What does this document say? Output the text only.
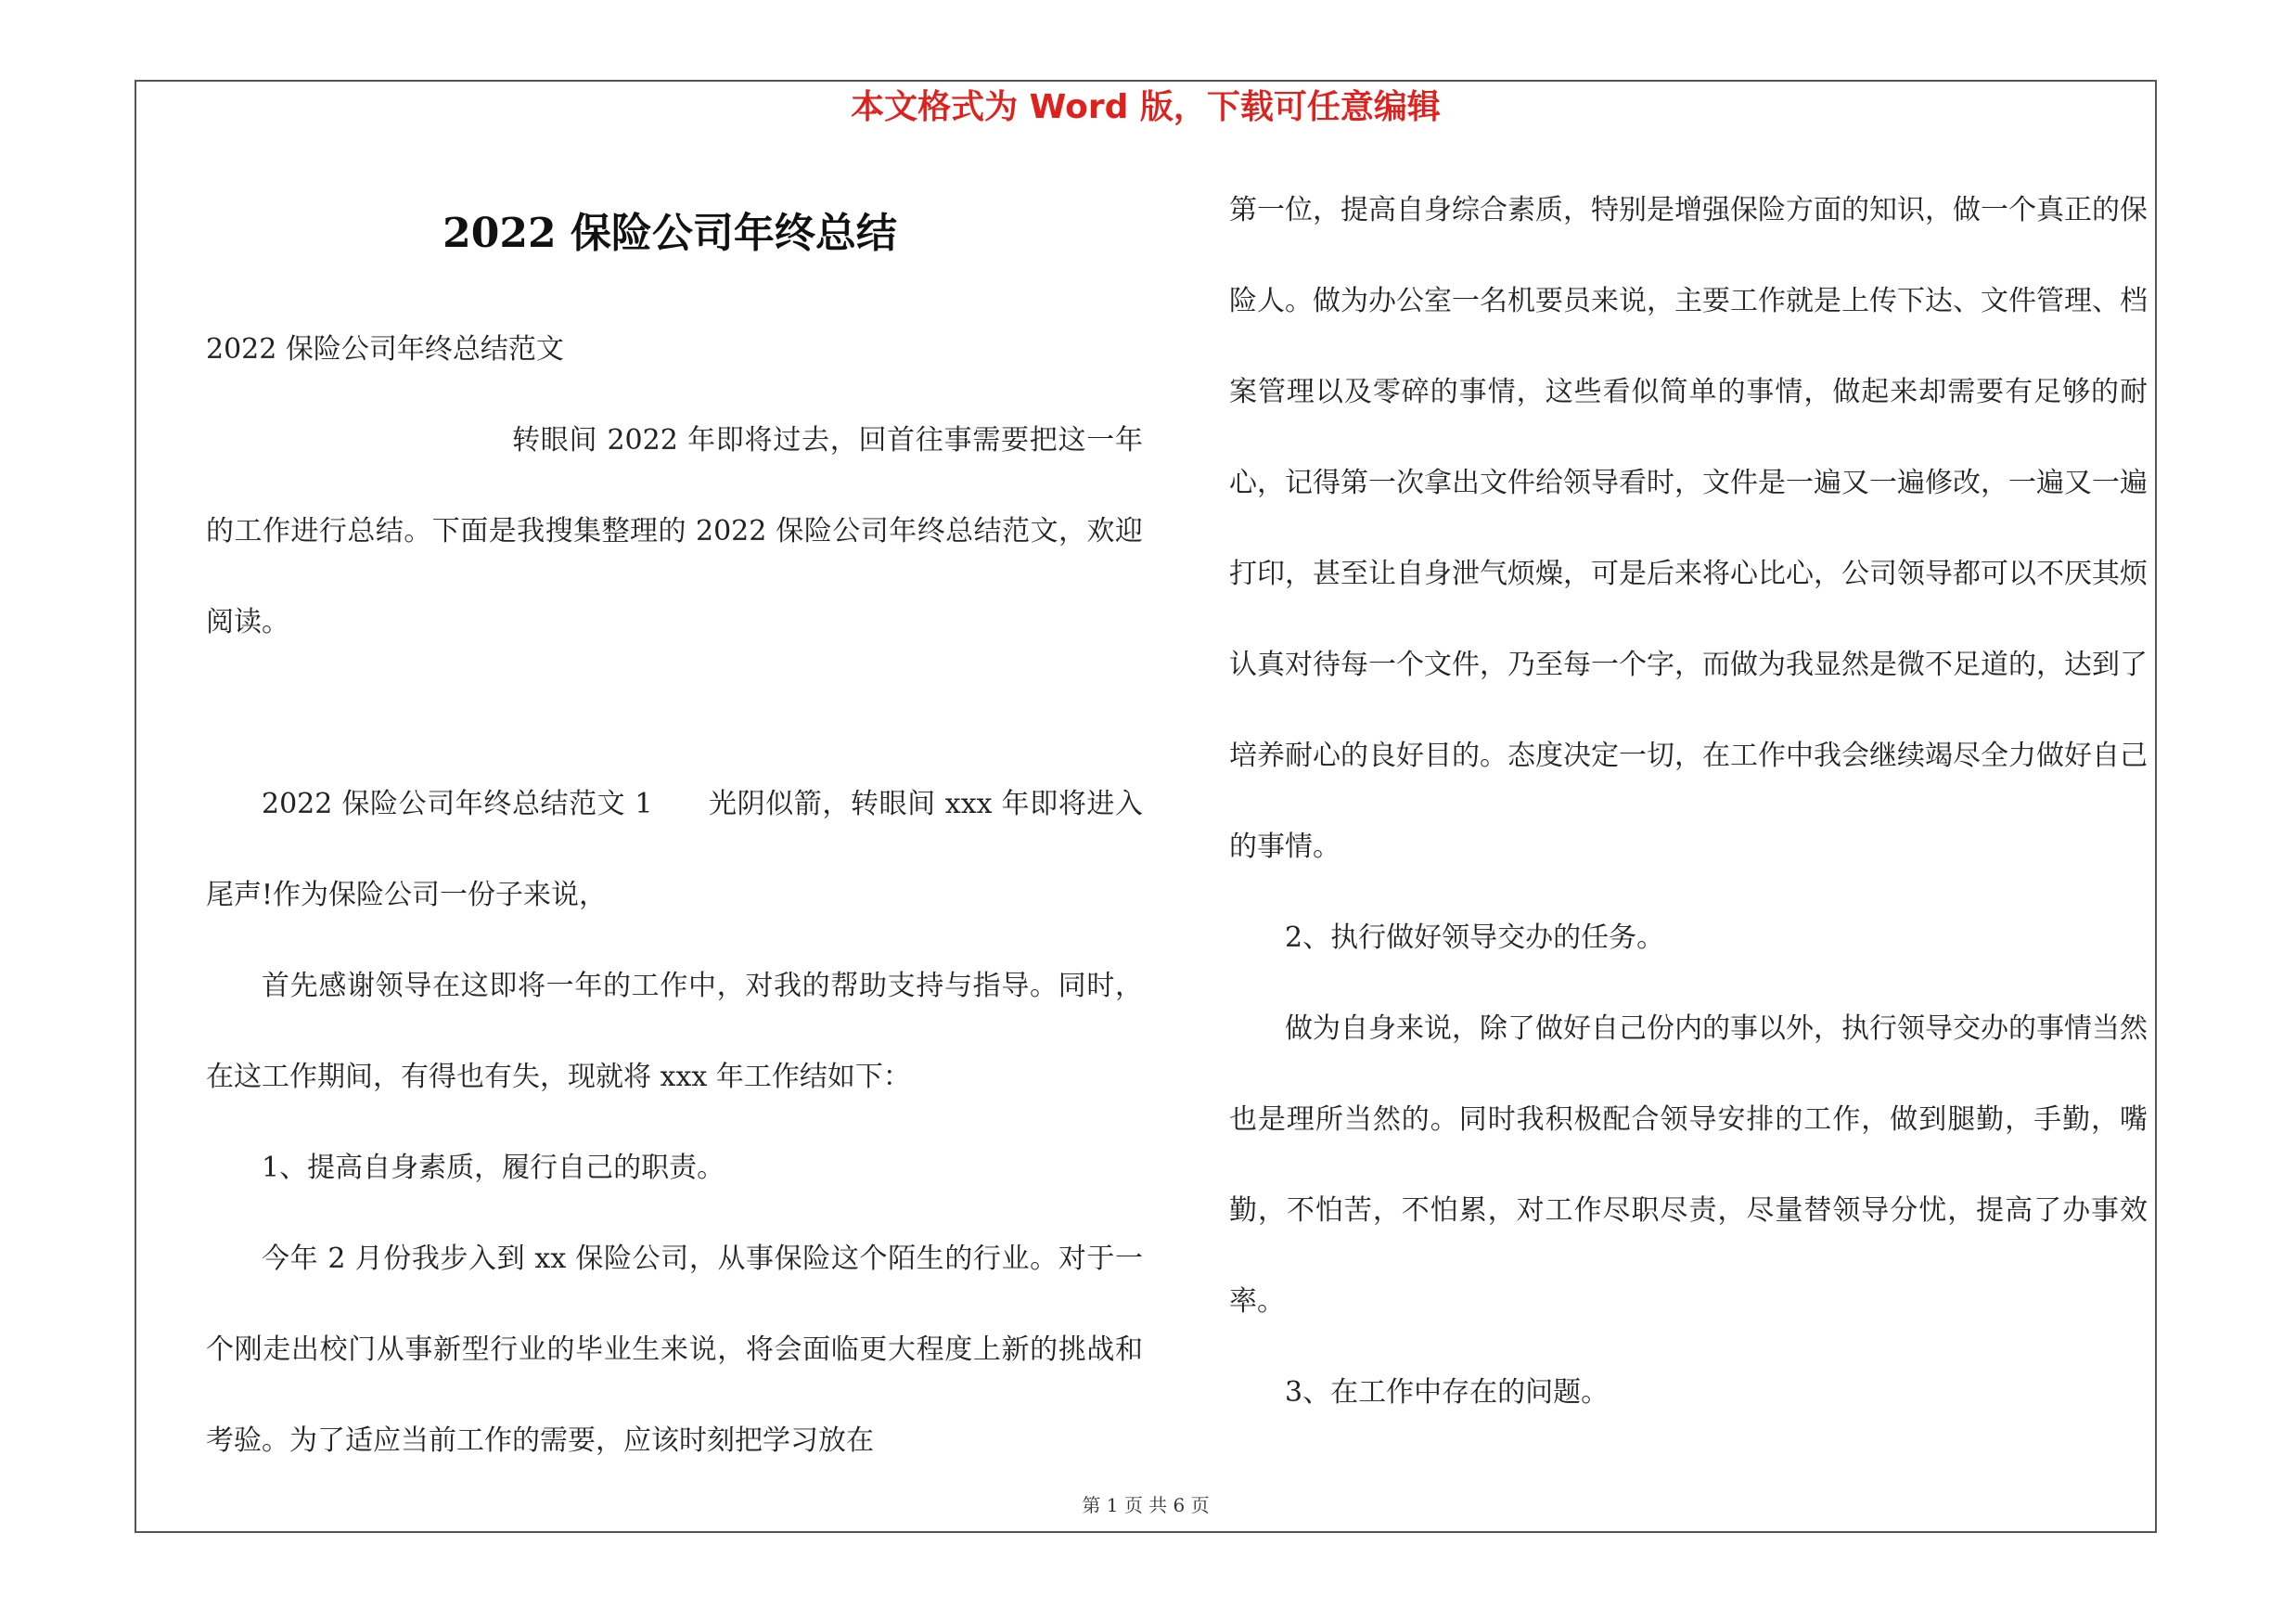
本文格式为 Word 版，下载可任意编辑
2022 保险公司年终总结

2022 保险公司年终总结范文

转眼间 2022 年即将过去，回首往事需要把这一年的工作进行总结。下面是我搜集整理的 2022 保险公司年终总结范文，欢迎阅读。

2022 保险公司年终总结范文 1 光阴似箭，转眼间 xxx 年即将进入尾声!作为保险公司一份子来说，

首先感谢领导在这即将一年的工作中，对我的帮助支持与指导。同时，在这工作期间，有得也有失，现就将 xxx 年工作结如下：

1、提高自身素质，履行自己的职责。

今年 2 月份我步入到 xx 保险公司，从事保险这个陌生的行业。对于一个刚走出校门从事新型行业的毕业生来说，将会面临更大程度上新的挑战和考验。为了适应当前工作的需要，应该时刻把学习放在

第一位，提高自身综合素质，特别是增强保险方面的知识，做一个真正的保险人。做为办公室一名机要员来说，主要工作就是上传下达、文件管理、档案管理以及零碎的事情，这些看似简单的事情，做起来却需要有足够的耐心，记得第一次拿出文件给领导看时，文件是一遍又一遍修改，一遍又一遍打印，甚至让自身泄气烦燥，可是后来将心比心，公司领导都可以不厌其烦认真对待每一个文件，乃至每一个字，而做为我显然是微不足道的，达到了培养耐心的良好目的。态度决定一切，在工作中我会继续竭尽全力做好自己的事情。

2、执行做好领导交办的任务。

做为自身来说，除了做好自己份内的事以外，执行领导交办的事情当然也是理所当然的。同时我积极配合领导安排的工作，做到腿勤，手勤，嘴勤，不怕苦，不怕累，对工作尽职尽责，尽量替领导分忧，提高了办事效率。

3、在工作中存在的问题。

第 1 页 共 6 页
